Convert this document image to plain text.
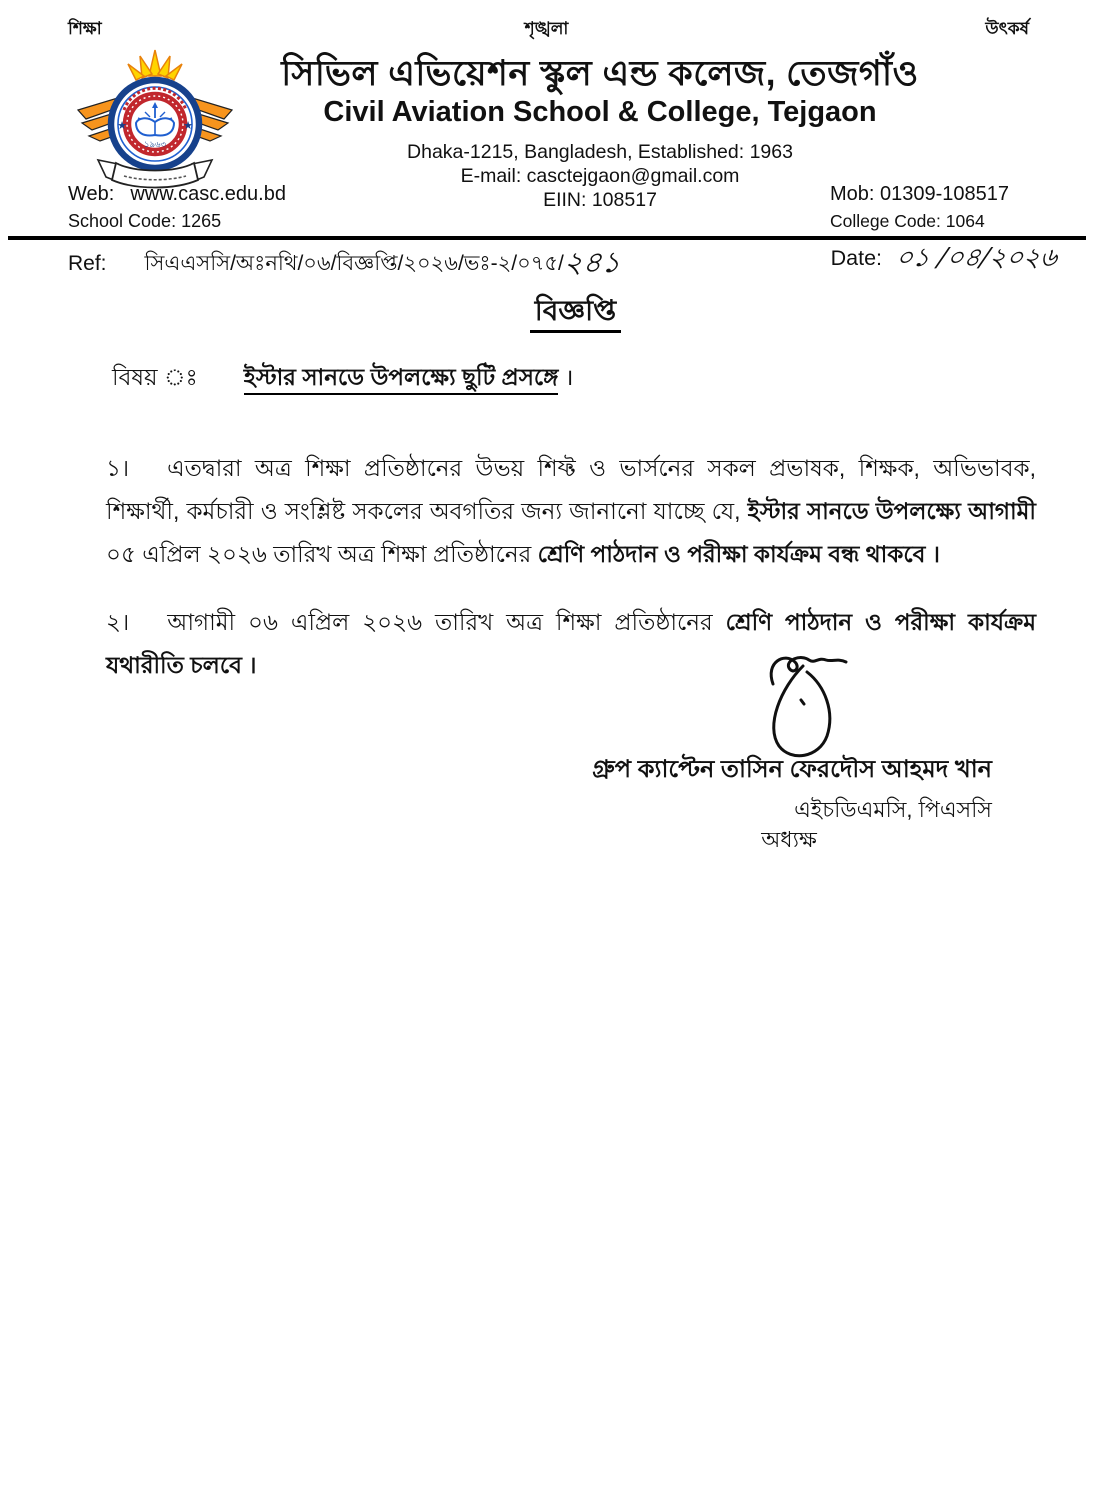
শিক্ষা	শৃঙ্খলা	উৎকর্ষ
★	★
১৯৬৩
সিভিল এভিয়েশন স্কুল এন্ড কলেজ, তেজগাঁও
Civil Aviation School & College, Tejgaon
Dhaka-1215, Bangladesh, Established: 1963
E-mail: casctejgaon@gmail.com
EIIN: 108517
Web: www.casc.edu.bd
School Code: 1265
Mob: 01309-108517
College Code: 1064
Ref: সিএএসসি/অঃনথি/০৬/বিজ্ঞপ্তি/২০২৬/ভঃ-২/০৭৫/২৪১	Date: ০১ /০৪/২০২৬
বিজ্ঞপ্তি
বিষয় ঃ ইস্টার সানডে উপলক্ষ্যে ছুটি প্রসঙ্গে ।

১। এতদ্বারা অত্র শিক্ষা প্রতিষ্ঠানের উভয় শিফ্ট ও ভার্সনের সকল প্রভাষক, শিক্ষক, অভিভাবক, শিক্ষার্থী, কর্মচারী ও সংশ্লিষ্ট সকলের অবগতির জন্য জানানো যাচ্ছে যে, ইস্টার সানডে উপলক্ষ্যে আগামী ০৫ এপ্রিল ২০২৬ তারিখ অত্র শিক্ষা প্রতিষ্ঠানের শ্রেণি পাঠদান ও পরীক্ষা কার্যক্রম বন্ধ থাকবে ।

২। আগামী ০৬ এপ্রিল ২০২৬ তারিখ অত্র শিক্ষা প্রতিষ্ঠানের শ্রেণি পাঠদান ও পরীক্ষা কার্যক্রম যথারীতি চলবে ।

গ্রুপ ক্যাপ্টেন তাসিন ফেরদৌস আহমদ খান
এইচডিএমসি, পিএসসি
অধ্যক্ষ
